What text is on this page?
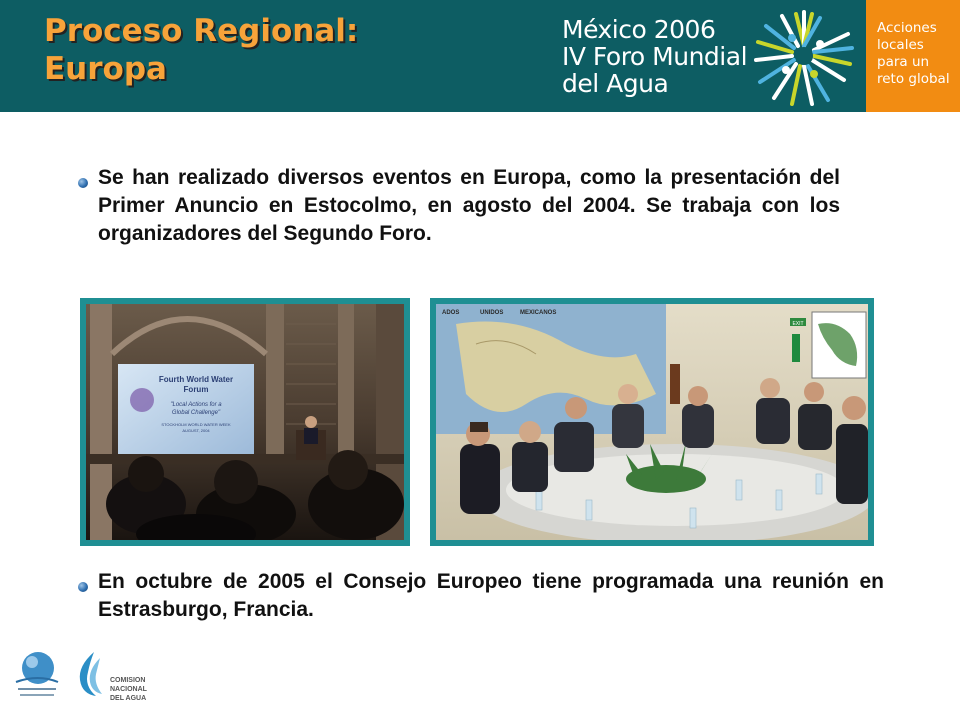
Proceso Regional:
Europa
México 2006
IV Foro Mundial
del Agua
Acciones
locales
para un
reto global

Se han realizado diversos eventos en Europa, como la presentación del Primer Anuncio en Estocolmo, en agosto del 2004. Se trabaja con los organizadores del Segundo Foro.

Fourth World Water
Forum
"Local Actions for a
Global Challenge"
STOCKHOLM WORLD WATER WEEK
AUGUST, 2004
ADOS	UNIDOS	MEXICANOS
EXIT

En octubre de 2005 el Consejo Europeo tiene programada una reunión en Estrasburgo, Francia.

COMISION NACIONAL
DEL AGUA
